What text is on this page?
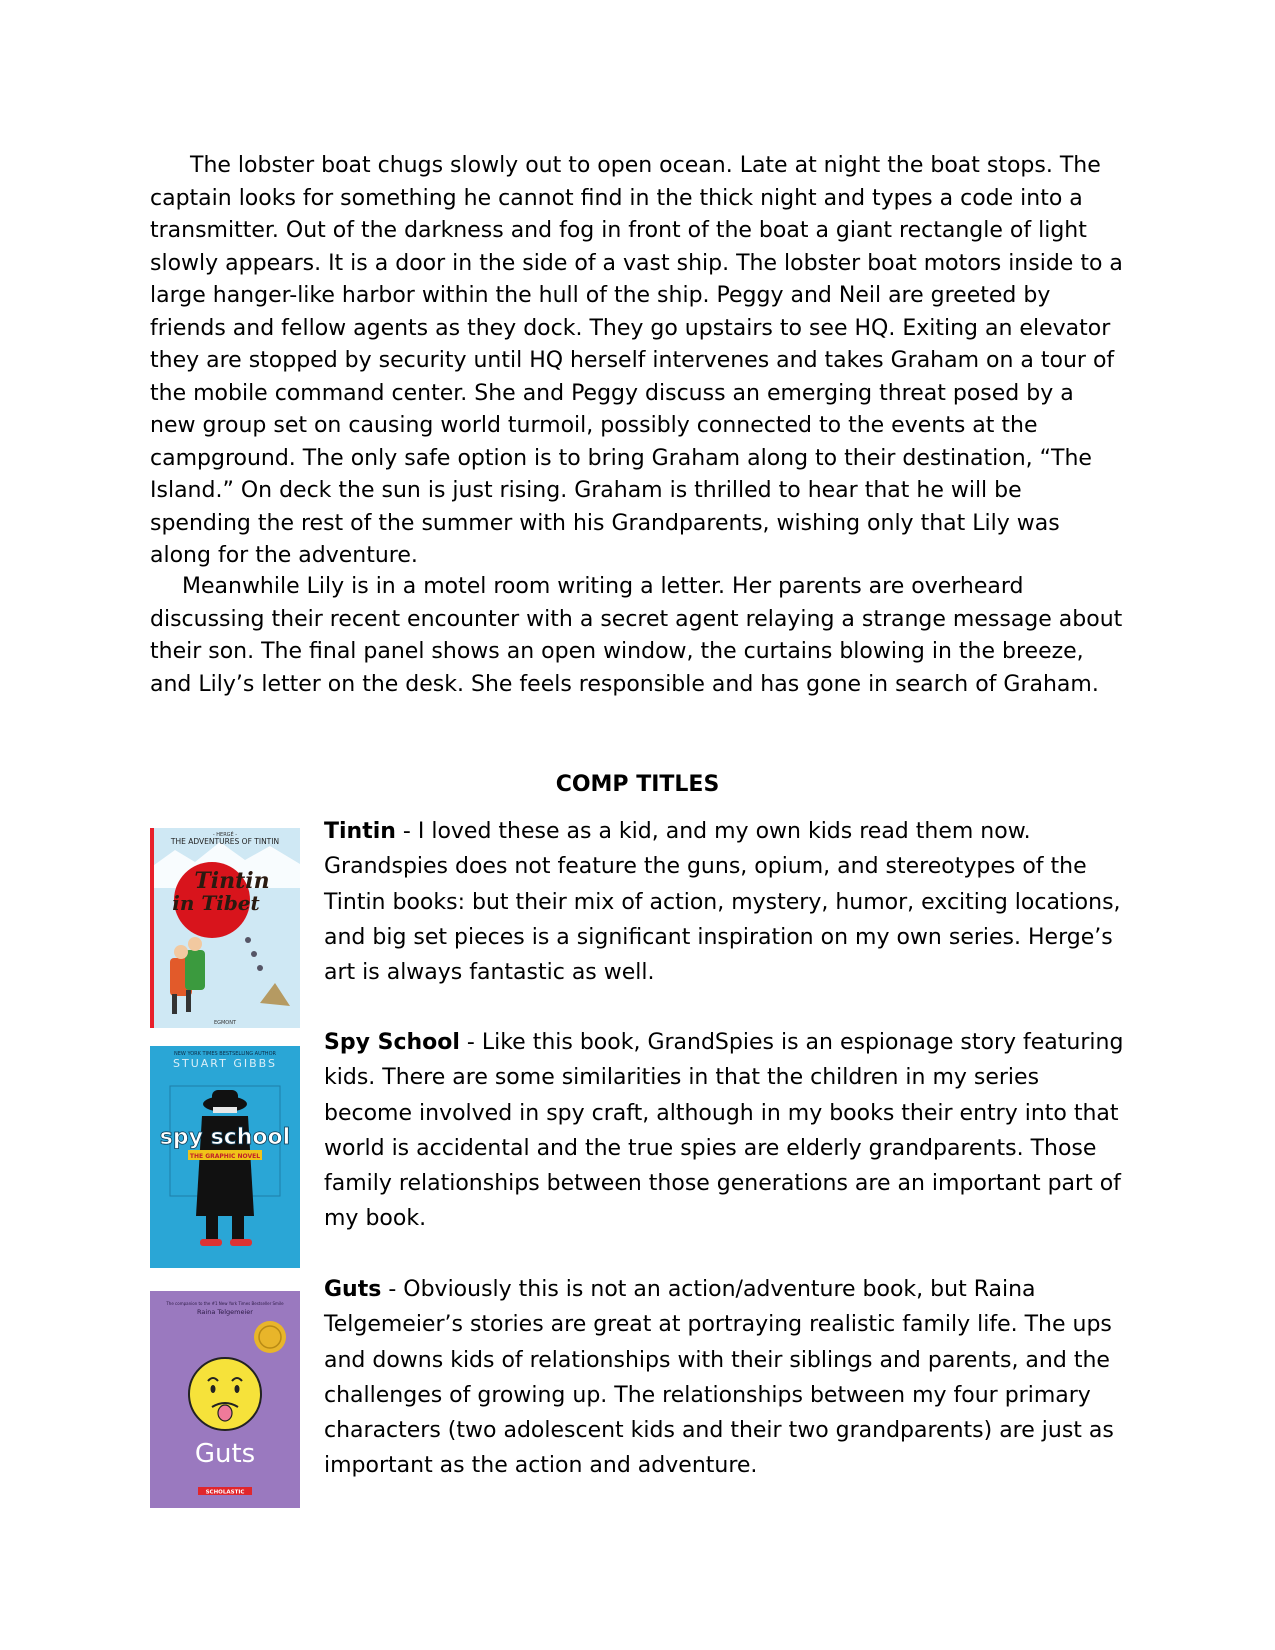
The lobster boat chugs slowly out to open ocean. Late at night the boat stops. The captain looks for something he cannot find in the thick night and types a code into a transmitter. Out of the darkness and fog in front of the boat a giant rectangle of light slowly appears. It is a door in the side of a vast ship. The lobster boat motors inside to a large hanger-like harbor within the hull of the ship. Peggy and Neil are greeted by friends and fellow agents as they dock. They go upstairs to see HQ. Exiting an elevator they are stopped by security until HQ herself intervenes and takes Graham on a tour of the mobile command center. She and Peggy discuss an emerging threat posed by a new group set on causing world turmoil, possibly connected to the events at the campground. The only safe option is to bring Graham along to their destination, “The Island.” On deck the sun is just rising. Graham is thrilled to hear that he will be spending the rest of the summer with his Grandparents, wishing only that Lily was along for the adventure.

Meanwhile Lily is in a motel room writing a letter. Her parents are overheard discussing their recent encounter with a secret agent relaying a strange message about their son. The final panel shows an open window, the curtains blowing in the breeze, and Lily’s letter on the desk. She feels responsible and has gone in search of Graham.

COMP TITLES
- HERGÉ -
THE ADVENTURES OF TINTIN
Tintin
in Tibet
EGMONT

Tintin - I loved these as a kid, and my own kids read them now. Grandspies does not feature the guns, opium, and stereotypes of the Tintin books: but their mix of action, mystery, humor, exciting locations, and big set pieces is a significant inspiration on my own series. Herge’s art is always fantastic as well.

NEW YORK TIMES BESTSELLING AUTHOR
STUART GIBBS
spy school
THE GRAPHIC NOVEL

Spy School - Like this book, GrandSpies is an espionage story featuring kids. There are some similarities in that the children in my series become involved in spy craft, although in my books their entry into that world is accidental and the true spies are elderly grandparents. Those family relationships between those generations are an important part of my book.

The companion to the #1 New York Times Bestseller Smile
Raina Telgemeier
Guts
SCHOLASTIC

Guts - Obviously this is not an action/adventure book, but Raina Telgemeier’s stories are great at portraying realistic family life. The ups and downs kids of relationships with their siblings and parents, and the challenges of growing up. The relationships between my four primary characters (two adolescent kids and their two grandparents) are just as important as the action and adventure.
